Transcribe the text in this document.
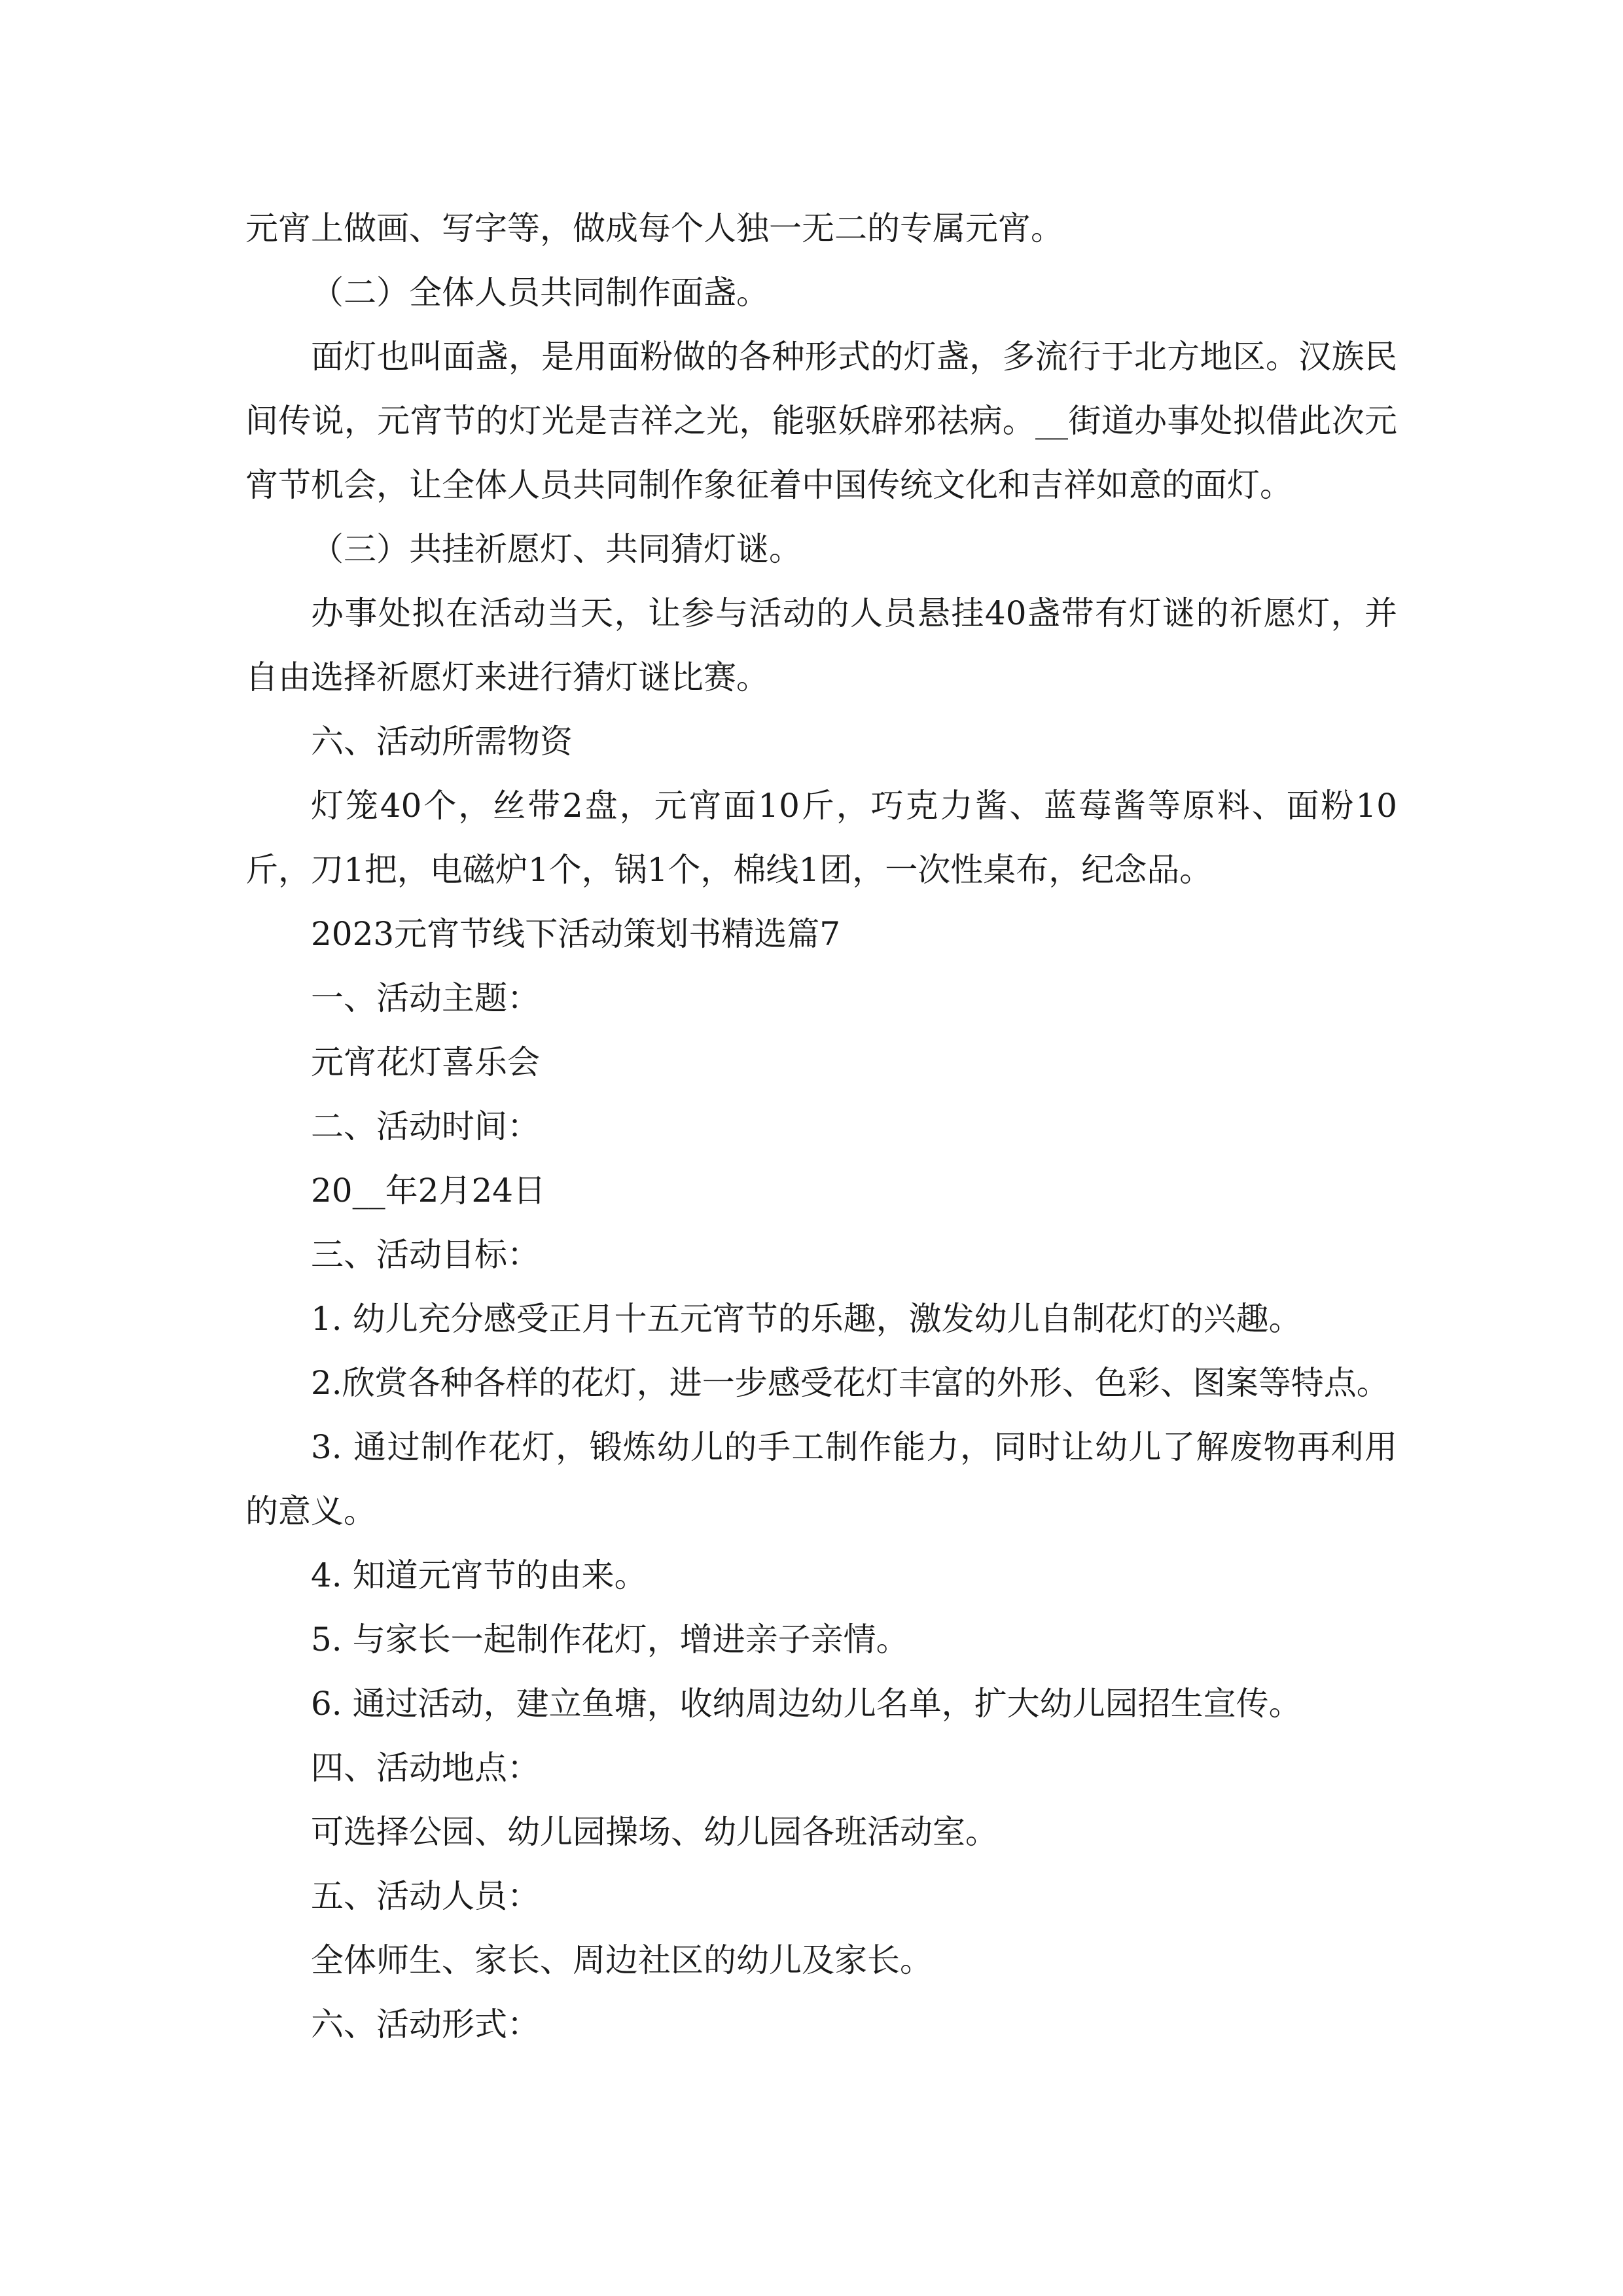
元宵上做画、写字等，做成每个人独一无二的专属元宵。

（二）全体人员共同制作面盏。

面灯也叫面盏，是用面粉做的各种形式的灯盏，多流行于北方地区。汉族民间传说，元宵节的灯光是吉祥之光，能驱妖辟邪祛病。__街道办事处拟借此次元宵节机会，让全体人员共同制作象征着中国传统文化和吉祥如意的面灯。

（三）共挂祈愿灯、共同猜灯谜。

办事处拟在活动当天，让参与活动的人员悬挂40盏带有灯谜的祈愿灯，并自由选择祈愿灯来进行猜灯谜比赛。

六、活动所需物资

灯笼40个，丝带2盘，元宵面10斤，巧克力酱、蓝莓酱等原料、面粉10斤，刀1把，电磁炉1个，锅1个，棉线1团，一次性桌布，纪念品。

2023元宵节线下活动策划书精选篇7

一、活动主题：

元宵花灯喜乐会

二、活动时间：

20__年2月24日

三、活动目标：

1. 幼儿充分感受正月十五元宵节的乐趣，激发幼儿自制花灯的兴趣。

2.欣赏各种各样的花灯，进一步感受花灯丰富的外形、色彩、图案等特点。

3. 通过制作花灯，锻炼幼儿的手工制作能力，同时让幼儿了解废物再利用的意义。

4. 知道元宵节的由来。

5. 与家长一起制作花灯，增进亲子亲情。

6. 通过活动，建立鱼塘，收纳周边幼儿名单，扩大幼儿园招生宣传。

四、活动地点：

可选择公园、幼儿园操场、幼儿园各班活动室。

五、活动人员：

全体师生、家长、周边社区的幼儿及家长。

六、活动形式：
